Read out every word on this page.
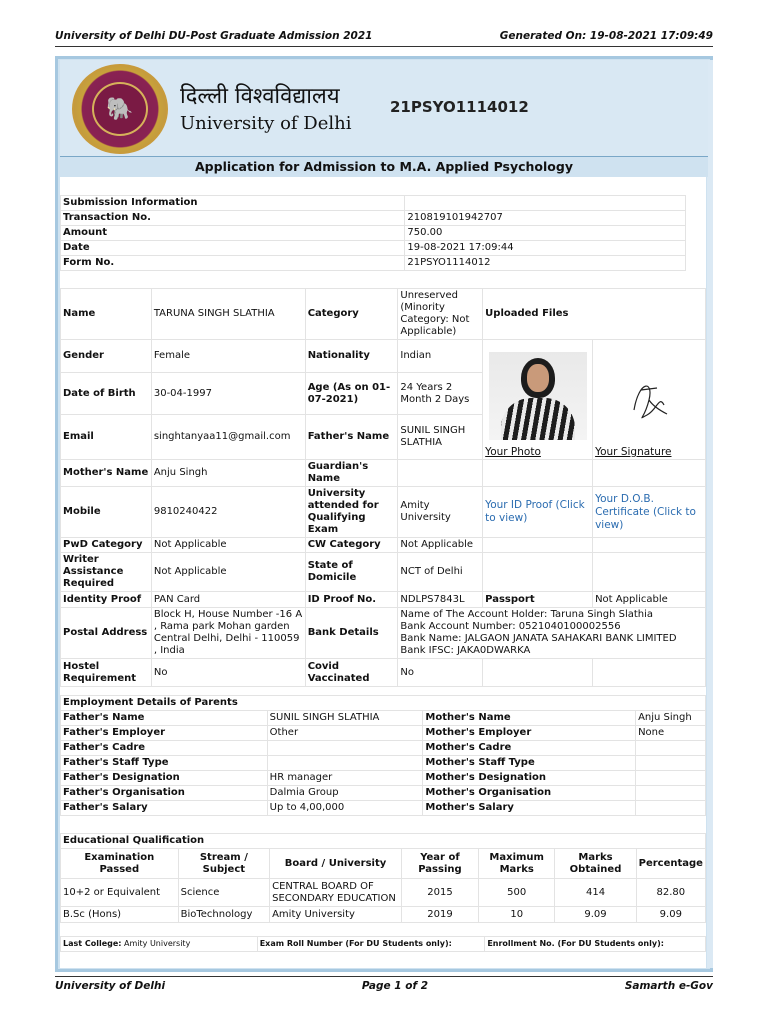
University of Delhi DU-Post Graduate Admission 2021	Generated On: 19-08-2021 17:09:49
🐘	दिल्ली विश्वविद्यालय
University of Delhi
21PSYO1114012
Application for Admission to M.A. Applied Psychology
Submission Information	
Transaction No.	210819101942707
Amount	750.00
Date	19-08-2021 17:09:44
Form No.	21PSYO1114012
Name	TARUNA SINGH SLATHIA	Category	Unreserved (Minority Category: Not Applicable)	Uploaded Files	
Gender	Female	Nationality	Indian	Your Photo	Your Signature

Date of Birth	30-04-1997	Age (As on 01-07-2021)	24 Years 2 Month 2 Days		
Email	singhtanyaa11@gmail.com	Father's Name	SUNIL SINGH SLATHIA		
Mother's Name	Anju Singh	Guardian's Name			
Mobile	9810240422	University attended for Qualifying Exam	Amity University	Your ID Proof (Click to view)	Your D.O.B. Certificate (Click to view)
PwD Category	Not Applicable	CW Category	Not Applicable		
Writer Assistance Required	Not Applicable	State of Domicile	NCT of Delhi		
Identity Proof	PAN Card	ID Proof No.	NDLPS7843L	Passport	Not Applicable
Postal Address	Block H, House Number -16 A , Rama park Mohan garden Central Delhi, Delhi - 110059 , India	Bank Details	Name of The Account Holder: Taruna Singh Slathia
Bank Account Number: 0521040100002556
Bank Name: JALGAON JANATA SAHAKARI BANK LIMITED
Bank IFSC: JAKA0DWARKA		

Hostel Requirement	No	Covid Vaccinated	No		
Employment Details of Parents			
Father's Name	SUNIL SINGH SLATHIA	Mother's Name	Anju Singh
Father's Employer	Other	Mother's Employer	None
Father's Cadre		Mother's Cadre	
Father's Staff Type		Mother's Staff Type	
Father's Designation	HR manager	Mother's Designation	
Father's Organisation	Dalmia Group	Mother's Organisation	
Father's Salary	Up to 4,00,000	Mother's Salary	
Educational Qualification						
Examination Passed	Stream / Subject	Board / University	Year of Passing	Maximum Marks	Marks Obtained	Percentage
10+2 or Equivalent	Science	CENTRAL BOARD OF SECONDARY EDUCATION	2015	500	414	82.80
B.Sc (Hons)	BioTechnology	Amity University	2019	10	9.09	9.09
Last College: Amity University	Exam Roll Number (For DU Students only):	Enrollment No. (For DU Students only):
University of Delhi	Page 1 of 2	Samarth e-Gov
